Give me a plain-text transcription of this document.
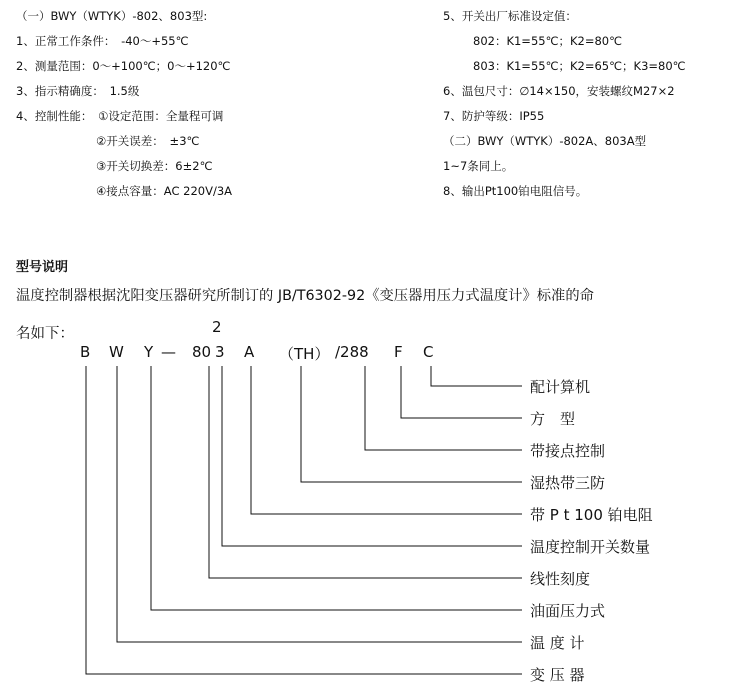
（一）BWY（WTYK）-802、803型:
1、正常工作条件：　-40～+55℃
2、测量范围：0～+100℃；0～+120℃
3、指示精确度：　1.5级
4、控制性能：　①设定范围：全量程可调
②开关误差：　±3℃
③开关切换差：6±2℃
④接点容量：AC 220V/3A
5、开关出厂标准设定值：
802：K1=55℃；K2=80℃
803：K1=55℃；K2=65℃；K3=80℃
6、温包尺寸：∅14×150，安装螺纹M27×2
7、防护等级：IP55
（二）BWY（WTYK）-802A、803A型
1~7条同上。
8、输出Pt100铂电阻信号。
型号说明
温度控制器根据沈阳变压器研究所制订的 JB/T6302-92《变压器用压力式温度计》标准的命
名如下：	2
B W Y — 80 3 A （TH） /288 F C
配计算机
方　型
带接点控制
湿热带三防
带 P t 100 铂电阻
温度控制开关数量
线性刻度
油面压力式
温 度 计
变 压 器
